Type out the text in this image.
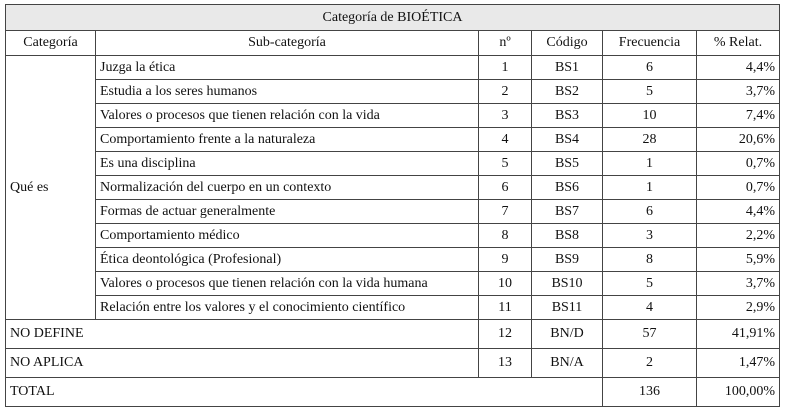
Categoría de BIOÉTICA					
Categoría	Sub-categoría	nº	Código	Frecuencia	% Relat.
Qué es	Juzga la ética	1	BS1	6	4,4%
	Estudia a los seres humanos	2	BS2	5	3,7%
	Valores o procesos que tienen relación con la vida	3	BS3	10	7,4%
	Comportamiento frente a la naturaleza	4	BS4	28	20,6%
	Es una disciplina	5	BS5	1	0,7%
	Normalización del cuerpo en un contexto	6	BS6	1	0,7%
	Formas de actuar generalmente	7	BS7	6	4,4%
	Comportamiento médico	8	BS8	3	2,2%
	Ética deontológica (Profesional)	9	BS9	8	5,9%
	Valores o procesos que tienen relación con la vida humana	10	BS10	5	3,7%
	Relación entre los valores y el conocimiento científico	11	BS11	4	2,9%
NO DEFINE		12	BN/D	57	41,91%
NO APLICA		13	BN/A	2	1,47%
TOTAL				136	100,00%
